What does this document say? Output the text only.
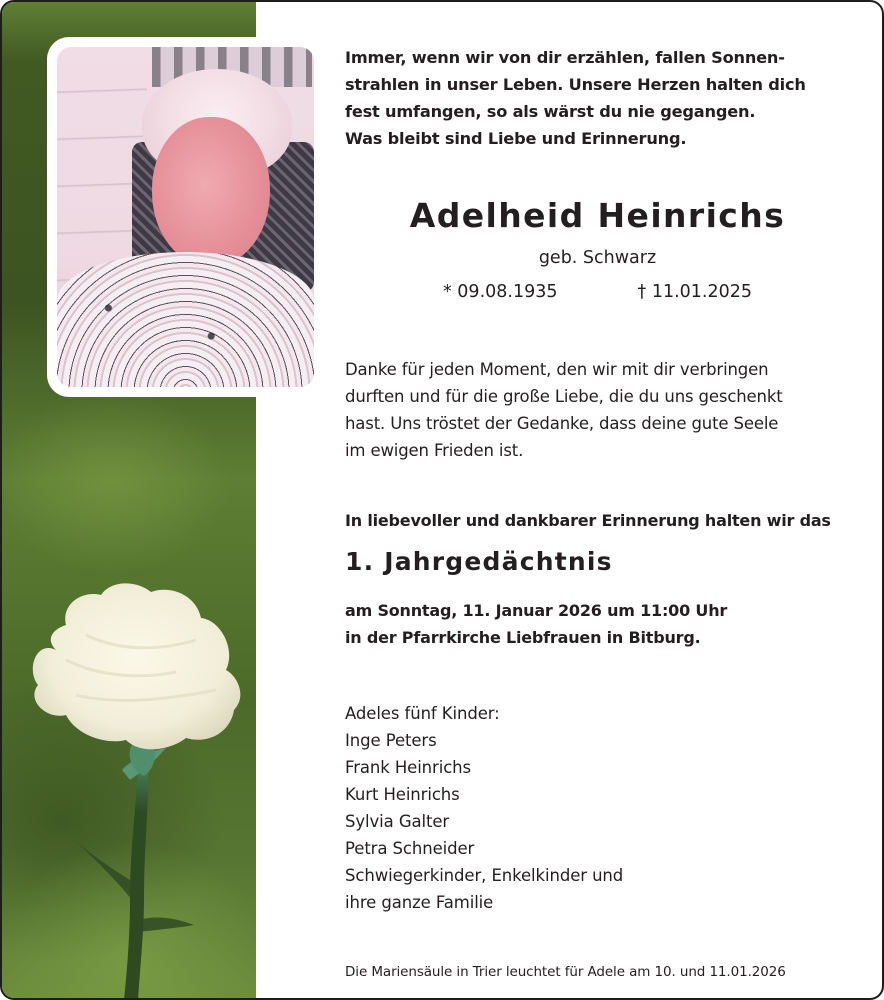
Immer, wenn wir von dir erzählen, fallen Sonnen-
strahlen in unser Leben. Unsere Herzen halten dich
fest umfangen, so als wärst du nie gegangen.
Was bleibt sind Liebe und Erinnerung.
Adelheid Heinrichs
geb. Schwarz
* 09.08.1935	† 11.01.2025
Danke für jeden Moment, den wir mit dir verbringen
durften und für die große Liebe, die du uns geschenkt
hast. Uns tröstet der Gedanke, dass deine gute Seele
im ewigen Frieden ist.
In liebevoller und dankbarer Erinnerung halten wir das
1. Jahrgedächtnis
am Sonntag, 11. Januar 2026 um 11:00 Uhr
in der Pfarrkirche Liebfrauen in Bitburg.
Adeles fünf Kinder:
Inge Peters
Frank Heinrichs
Kurt Heinrichs
Sylvia Galter
Petra Schneider
Schwiegerkinder, Enkelkinder und
ihre ganze Familie
Die Mariensäule in Trier leuchtet für Adele am 10. und 11.01.2026
